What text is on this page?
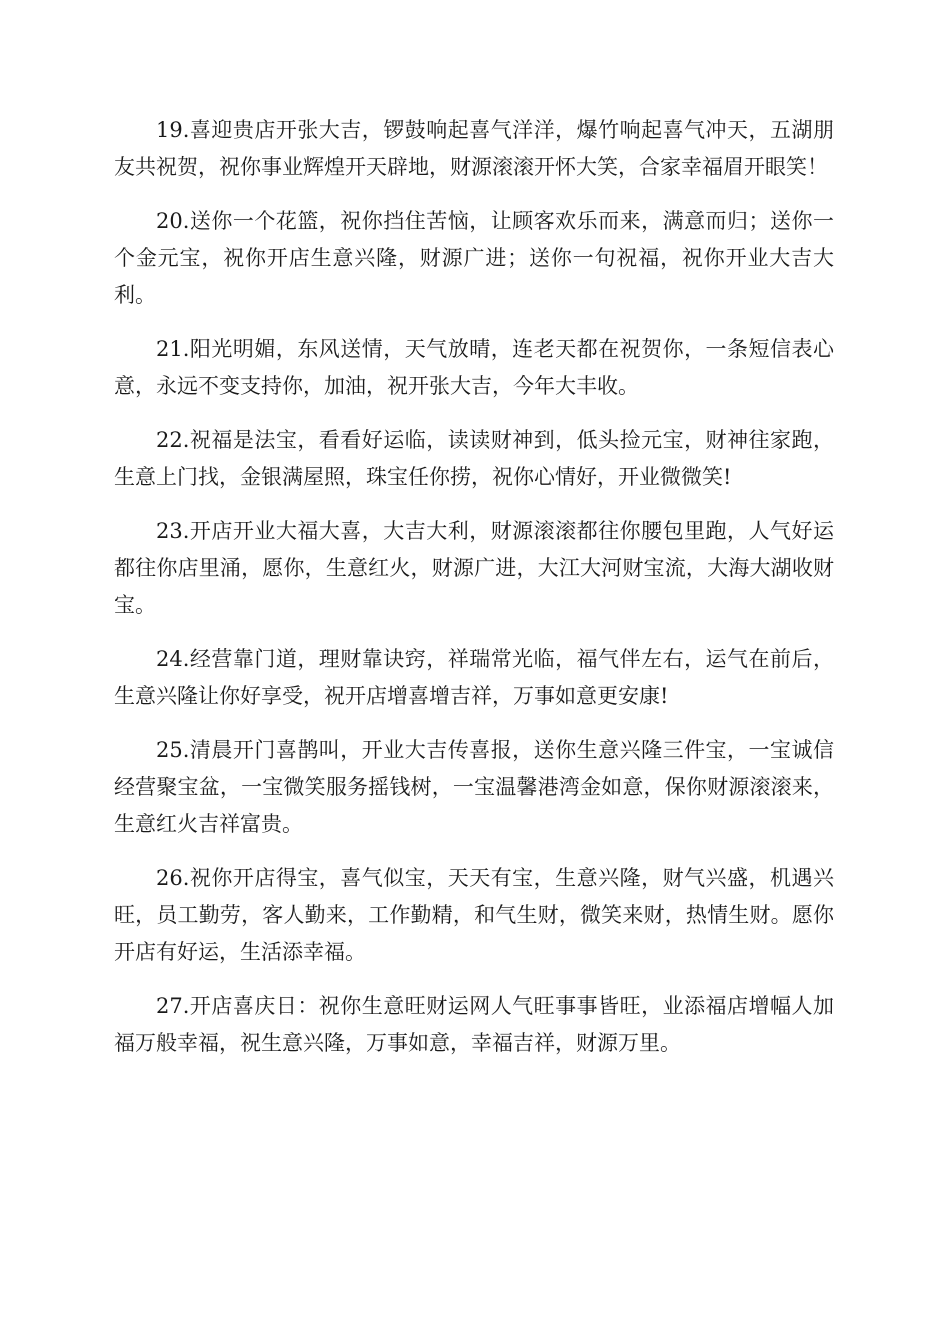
19.喜迎贵店开张大吉，锣鼓响起喜气洋洋，爆竹响起喜气冲天，五湖朋友共祝贺，祝你事业辉煌开天辟地，财源滚滚开怀大笑，合家幸福眉开眼笑！

20.送你一个花篮，祝你挡住苦恼，让顾客欢乐而来，满意而归；送你一个金元宝，祝你开店生意兴隆，财源广进；送你一句祝福，祝你开业大吉大利。

21.阳光明媚，东风送情，天气放晴，连老天都在祝贺你，一条短信表心意，永远不变支持你，加油，祝开张大吉，今年大丰收。

22.祝福是法宝，看看好运临，读读财神到，低头捡元宝，财神往家跑，生意上门找，金银满屋照，珠宝任你捞，祝你心情好，开业微微笑!

23.开店开业大福大喜，大吉大利，财源滚滚都往你腰包里跑，人气好运都往你店里涌，愿你，生意红火，财源广进，大江大河财宝流，大海大湖收财宝。

24.经营靠门道，理财靠诀窍，祥瑞常光临，福气伴左右，运气在前后，生意兴隆让你好享受，祝开店增喜增吉祥，万事如意更安康!

25.清晨开门喜鹊叫，开业大吉传喜报，送你生意兴隆三件宝，一宝诚信经营聚宝盆，一宝微笑服务摇钱树，一宝温馨港湾金如意，保你财源滚滚来，生意红火吉祥富贵。

26.祝你开店得宝，喜气似宝，天天有宝，生意兴隆，财气兴盛，机遇兴旺，员工勤劳，客人勤来，工作勤精，和气生财，微笑来财，热情生财。愿你开店有好运，生活添幸福。

27.开店喜庆日：祝你生意旺财运网人气旺事事皆旺，业添福店增幅人加福万般幸福，祝生意兴隆，万事如意，幸福吉祥，财源万里。
